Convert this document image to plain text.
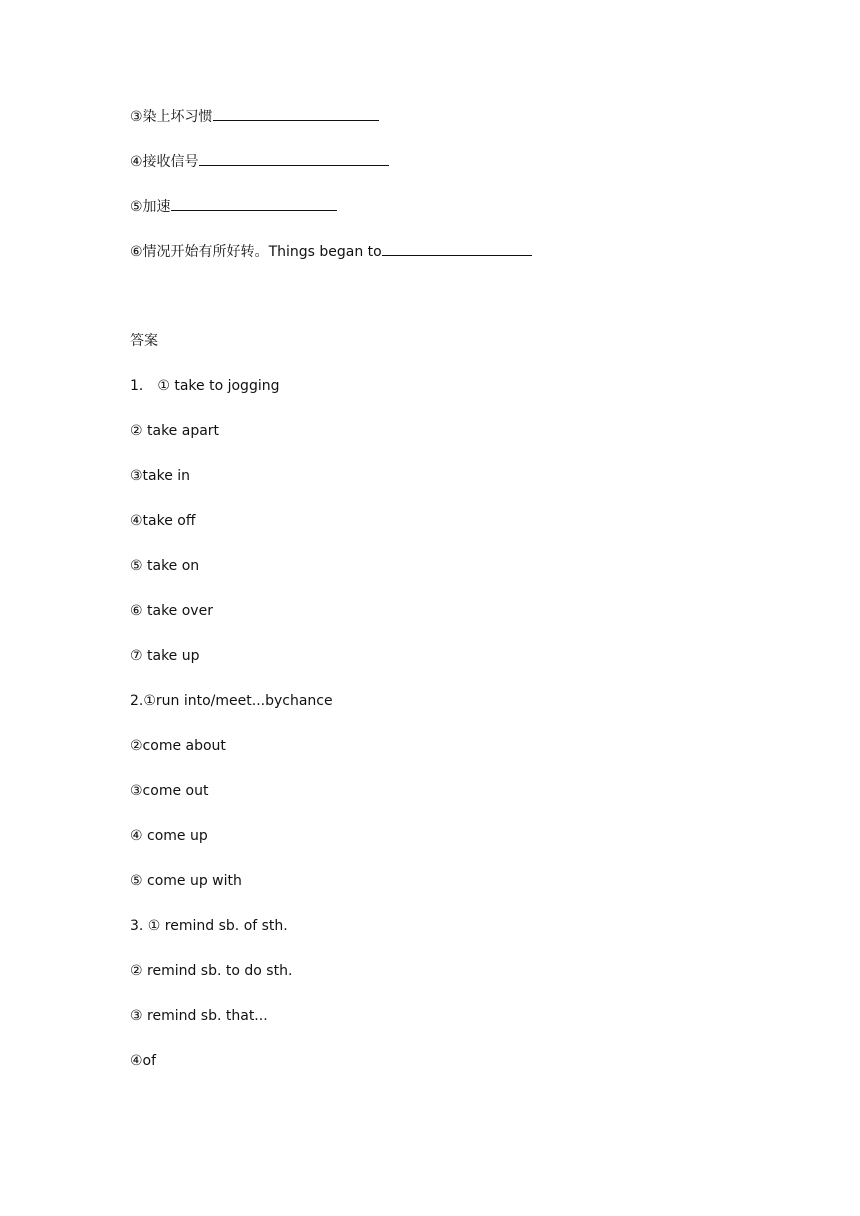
③染上坏习惯
④接收信号
⑤加速
⑥情况开始有所好转。Things began to
答案
1． ① take to jogging
② take apart
③take in
④take off
⑤ take on
⑥ take over
⑦ take up
2.①run into/meet...bychance
②come about
③come out
④ come up
⑤ come up with
3. ① remind sb. of sth.
② remind sb. to do sth.
③ remind sb. that...
④of
